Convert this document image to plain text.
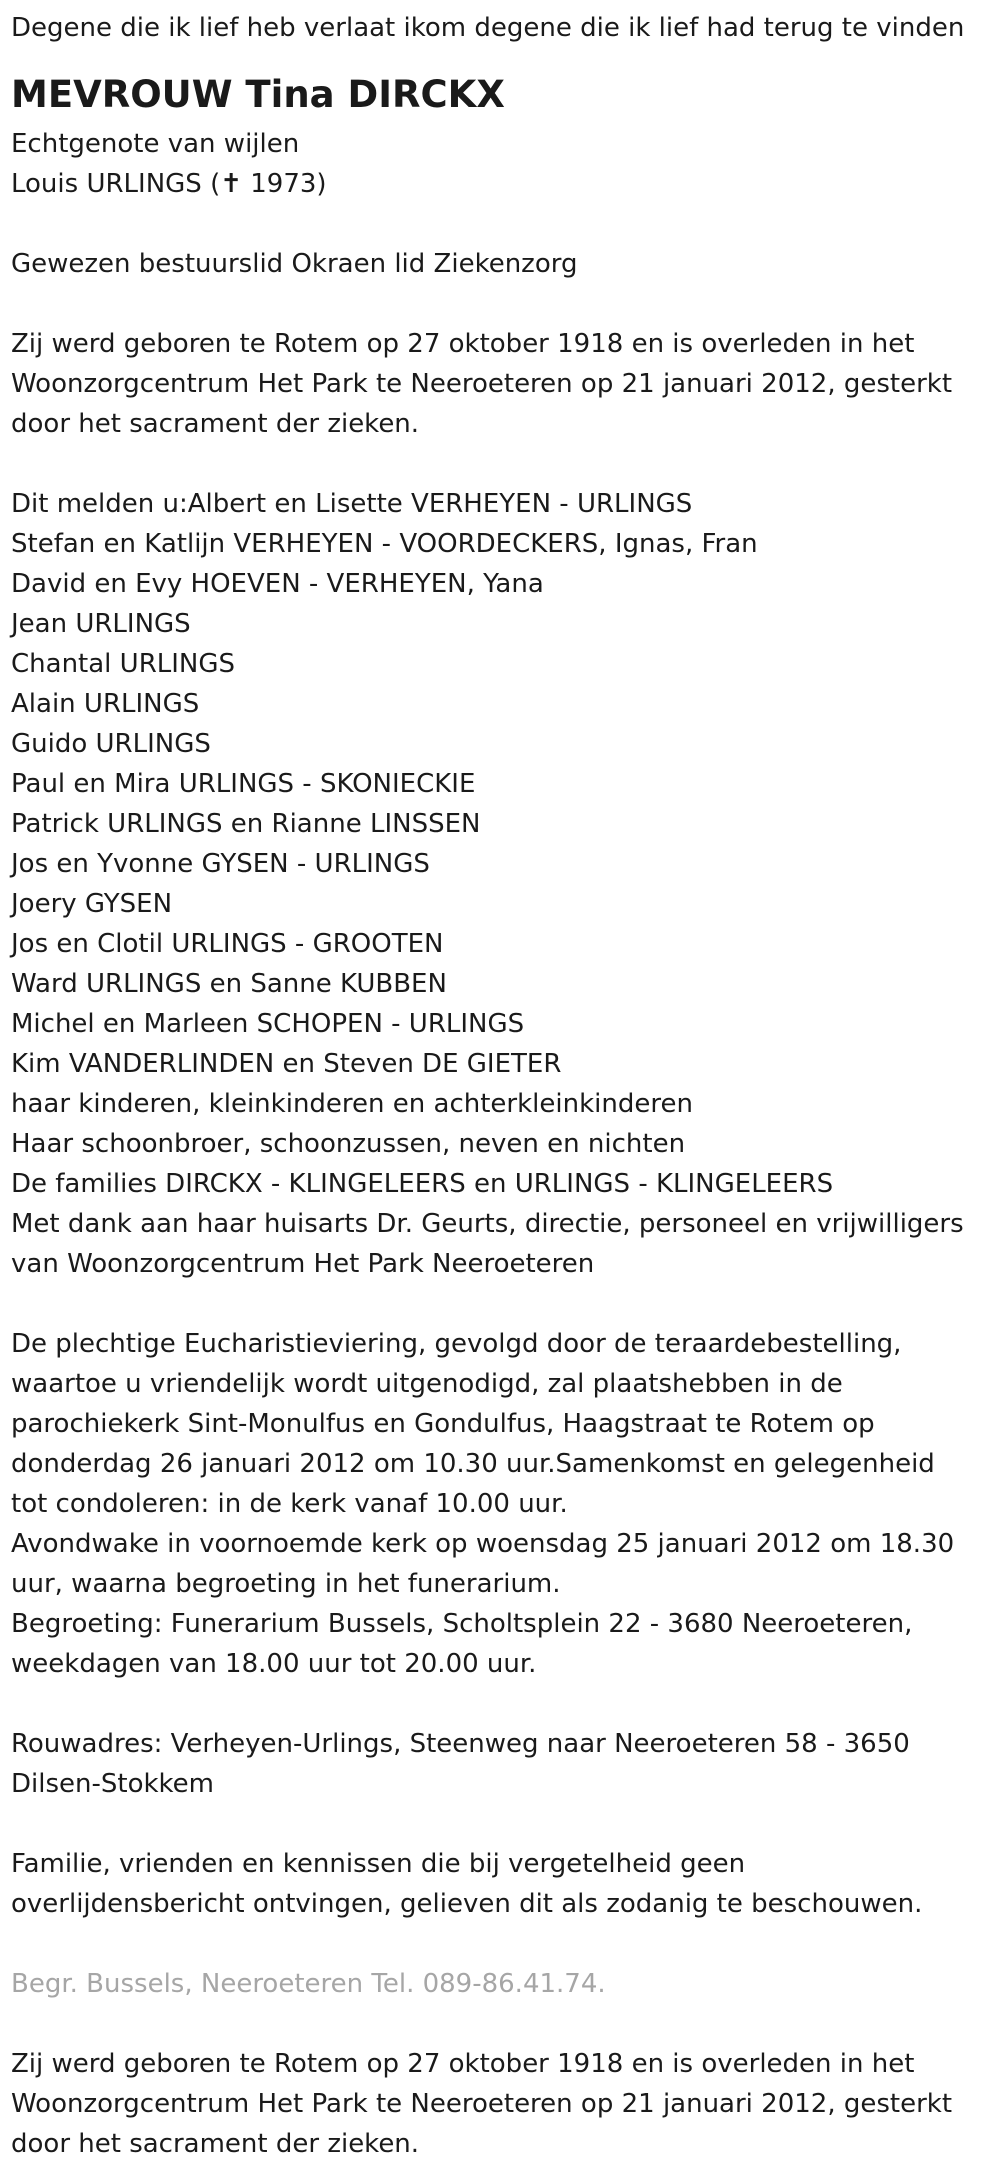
Degene die ik lief heb verlaat ikom degene die ik lief had terug te vinden
MEVROUW Tina DIRCKX
Echtgenote van wijlen
Louis URLINGS (✝ 1973)
Gewezen bestuurslid Okraen lid Ziekenzorg
Zij werd geboren te Rotem op 27 oktober 1918 en is overleden in het
Woonzorgcentrum Het Park te Neeroeteren op 21 januari 2012, gesterkt
door het sacrament der zieken.
Dit melden u:Albert en Lisette VERHEYEN - URLINGS
Stefan en Katlijn VERHEYEN - VOORDECKERS, Ignas, Fran
David en Evy HOEVEN - VERHEYEN, Yana
Jean URLINGS
Chantal URLINGS
Alain URLINGS
Guido URLINGS
Paul en Mira URLINGS - SKONIECKIE
Patrick URLINGS en Rianne LINSSEN
Jos en Yvonne GYSEN - URLINGS
Joery GYSEN
Jos en Clotil URLINGS - GROOTEN
Ward URLINGS en Sanne KUBBEN
Michel en Marleen SCHOPEN - URLINGS
Kim VANDERLINDEN en Steven DE GIETER
haar kinderen, kleinkinderen en achterkleinkinderen
Haar schoonbroer, schoonzussen, neven en nichten
De families DIRCKX - KLINGELEERS en URLINGS - KLINGELEERS
Met dank aan haar huisarts Dr. Geurts, directie, personeel en vrijwilligers
van Woonzorgcentrum Het Park Neeroeteren
De plechtige Eucharistieviering, gevolgd door de teraardebestelling,
waartoe u vriendelijk wordt uitgenodigd, zal plaatshebben in de
parochiekerk Sint-Monulfus en Gondulfus, Haagstraat te Rotem op
donderdag 26 januari 2012 om 10.30 uur.Samenkomst en gelegenheid
tot condoleren: in de kerk vanaf 10.00 uur.
Avondwake in voornoemde kerk op woensdag 25 januari 2012 om 18.30
uur, waarna begroeting in het funerarium.
Begroeting: Funerarium Bussels, Scholtsplein 22 - 3680 Neeroeteren,
weekdagen van 18.00 uur tot 20.00 uur.
Rouwadres: Verheyen-Urlings, Steenweg naar Neeroeteren 58 - 3650
Dilsen-Stokkem
Familie, vrienden en kennissen die bij vergetelheid geen
overlijdensbericht ontvingen, gelieven dit als zodanig te beschouwen.
Begr. Bussels, Neeroeteren Tel. 089-86.41.74.
Zij werd geboren te Rotem op 27 oktober 1918 en is overleden in het
Woonzorgcentrum Het Park te Neeroeteren op 21 januari 2012, gesterkt
door het sacrament der zieken.
